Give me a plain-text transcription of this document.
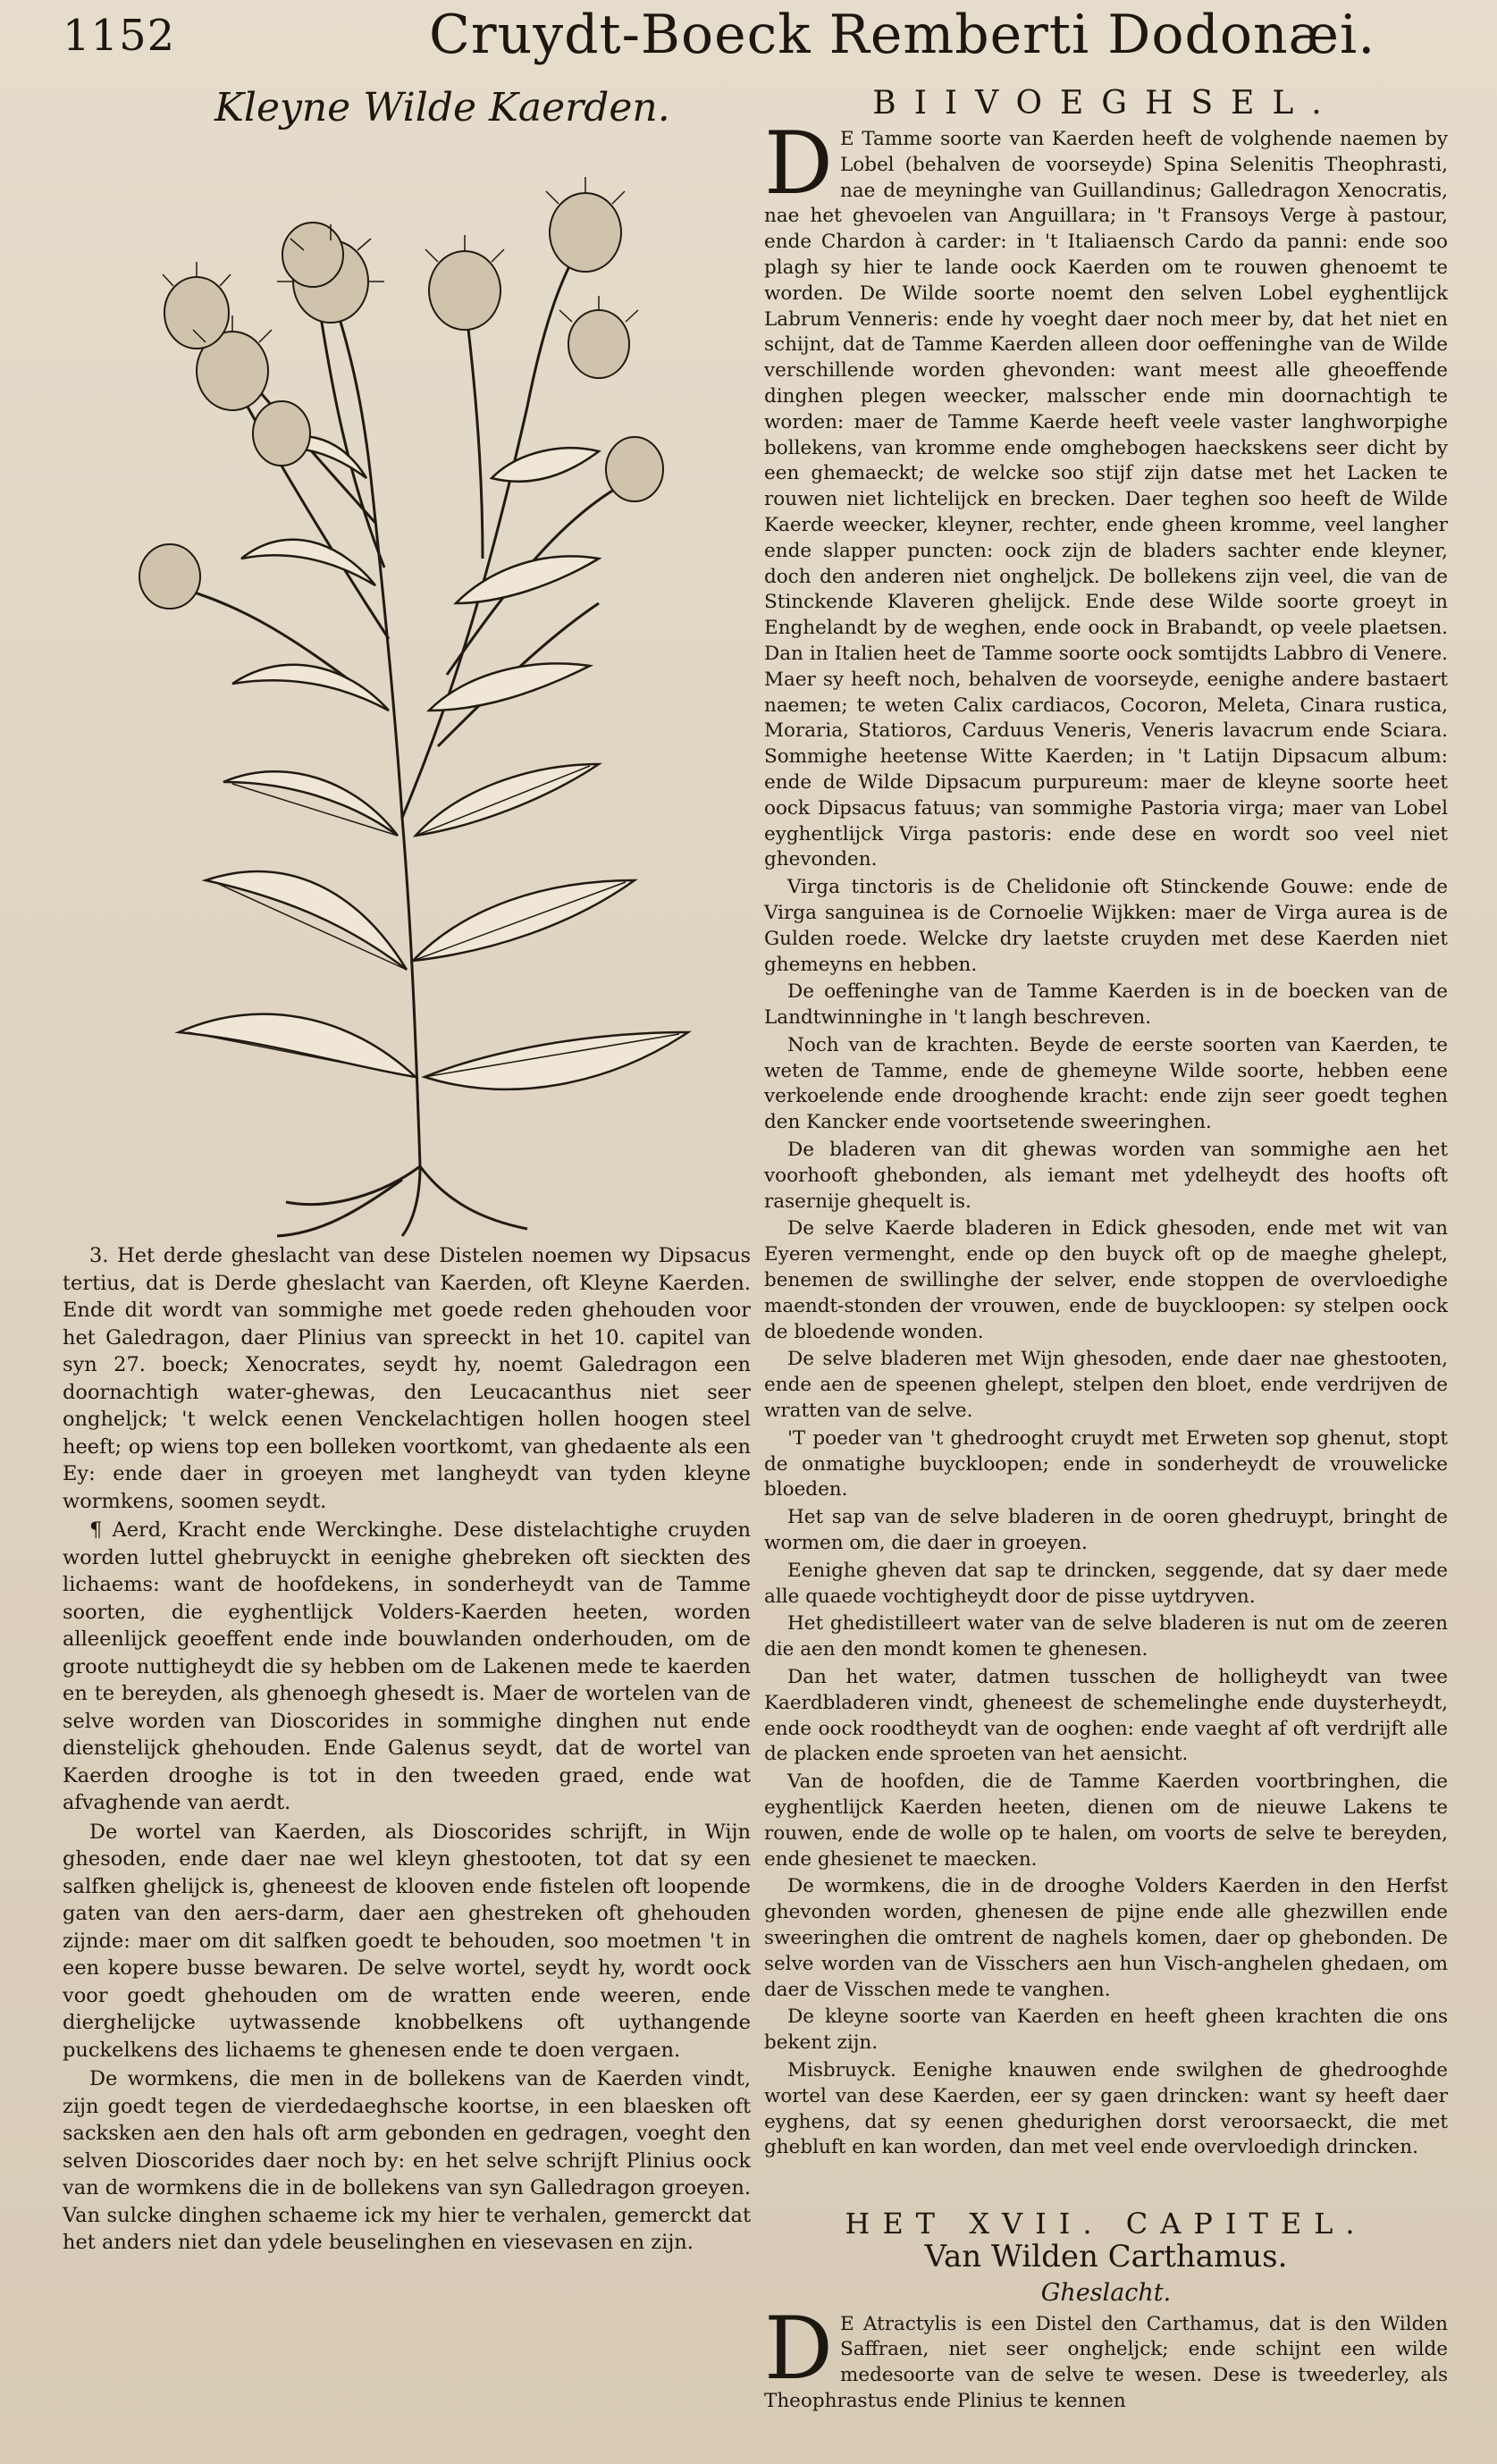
1152	Cruydt-Boeck Remberti Dodonæi.
Kleyne Wilde Kaerden.

3. Het derde gheslacht van dese Distelen noemen wy Dipsacus tertius, dat is Derde gheslacht van Kaerden, oft Kleyne Kaerden. Ende dit wordt van sommighe met goede reden ghehouden voor het Galedragon, daer Plinius van spreeckt in het 10. capitel van syn 27. boeck; Xenocrates, seydt hy, noemt Galedragon een doornachtigh water-ghewas, den Leucacanthus niet seer ongheljck; 't welck eenen Venckelachtigen hollen hoogen steel heeft; op wiens top een bolleken voortkomt, van ghedaente als een Ey: ende daer in groeyen met langheydt van tyden kleyne wormkens, soomen seydt.

¶ Aerd, Kracht ende Werckinghe. Dese distelachtighe cruyden worden luttel ghebruyckt in eenighe ghebreken oft sieckten des lichaems: want de hoofdekens, in sonderheydt van de Tamme soorten, die eyghentlijck Volders-Kaerden heeten, worden alleenlijck geoeffent ende inde bouwlanden onderhouden, om de groote nuttigheydt die sy hebben om de Lakenen mede te kaerden en te bereyden, als ghenoegh ghesedt is. Maer de wortelen van de selve worden van Dioscorides in sommighe dinghen nut ende dienstelijck ghehouden. Ende Galenus seydt, dat de wortel van Kaerden drooghe is tot in den tweeden graed, ende wat afvaghende van aerdt.

De wortel van Kaerden, als Dioscorides schrijft, in Wijn ghesoden, ende daer nae wel kleyn ghestooten, tot dat sy een salfken ghelijck is, gheneest de klooven ende fistelen oft loopende gaten van den aers-darm, daer aen ghestreken oft ghehouden zijnde: maer om dit salfken goedt te behouden, soo moetmen 't in een kopere busse bewaren. De selve wortel, seydt hy, wordt oock voor goedt ghehouden om de wratten ende weeren, ende dierghelijcke uytwassende knobbelkens oft uythangende puckelkens des lichaems te ghenesen ende te doen vergaen.

De wormkens, die men in de bollekens van de Kaerden vindt, zijn goedt tegen de vierdedaeghsche koortse, in een blaesken oft sacksken aen den hals oft arm gebonden en gedragen, voeght den selven Dioscorides daer noch by: en het selve schrijft Plinius oock van de wormkens die in de bollekens van syn Galledragon groeyen. Van sulcke dinghen schaeme ick my hier te verhalen, gemerckt dat het anders niet dan ydele beuselinghen en viesevasen en zijn.

BIIVOEGHSEL.

D E Tamme soorte van Kaerden heeft de volghende naemen by Lobel (behalven de voorseyde) Spina Selenitis Theophrasti, nae de meyninghe van Guillandinus; Galledragon Xenocratis, nae het ghevoelen van Anguillara; in 't Fransoys Verge à pastour, ende Chardon à carder: in 't Italiaensch Cardo da panni: ende soo plagh sy hier te lande oock Kaerden om te rouwen ghenoemt te worden. De Wilde soorte noemt den selven Lobel eyghentlijck Labrum Venneris: ende hy voeght daer noch meer by, dat het niet en schijnt, dat de Tamme Kaerden alleen door oeffeninghe van de Wilde verschillende worden ghevonden: want meest alle gheoeffende dinghen plegen weecker, malsscher ende min doornachtigh te worden: maer de Tamme Kaerde heeft veele vaster langhworpighe bollekens, van kromme ende omghebogen haeckskens seer dicht by een ghemaeckt; de welcke soo stijf zijn datse met het Lacken te rouwen niet lichtelijck en brecken. Daer teghen soo heeft de Wilde Kaerde weecker, kleyner, rechter, ende gheen kromme, veel langher ende slapper puncten: oock zijn de bladers sachter ende kleyner, doch den anderen niet ongheljck. De bollekens zijn veel, die van de Stinckende Klaveren ghelijck. Ende dese Wilde soorte groeyt in Enghelandt by de weghen, ende oock in Brabandt, op veele plaetsen. Dan in Italien heet de Tamme soorte oock somtijdts Labbro di Venere. Maer sy heeft noch, behalven de voorseyde, eenighe andere bastaert naemen; te weten Calix cardiacos, Cocoron, Meleta, Cinara rustica, Moraria, Statioros, Carduus Veneris, Veneris lavacrum ende Sciara. Sommighe heetense Witte Kaerden; in 't Latijn Dipsacum album: ende de Wilde Dipsacum purpureum: maer de kleyne soorte heet oock Dipsacus fatuus; van sommighe Pastoria virga; maer van Lobel eyghentlijck Virga pastoris: ende dese en wordt soo veel niet ghevonden.

Virga tinctoris is de Chelidonie oft Stinckende Gouwe: ende de Virga sanguinea is de Cornoelie Wijkken: maer de Virga aurea is de Gulden roede. Welcke dry laetste cruyden met dese Kaerden niet ghemeyns en hebben.

De oeffeninghe van de Tamme Kaerden is in de boecken van de Landtwinninghe in 't langh beschreven.

Noch van de krachten. Beyde de eerste soorten van Kaerden, te weten de Tamme, ende de ghemeyne Wilde soorte, hebben eene verkoelende ende drooghende kracht: ende zijn seer goedt teghen den Kancker ende voortsetende sweeringhen.

De bladeren van dit ghewas worden van sommighe aen het voorhooft ghebonden, als iemant met ydelheydt des hoofts oft rasernije ghequelt is.

De selve Kaerde bladeren in Edick ghesoden, ende met wit van Eyeren vermenght, ende op den buyck oft op de maeghe ghelept, benemen de swillinghe der selver, ende stoppen de overvloedighe maendt-stonden der vrouwen, ende de buyckloopen: sy stelpen oock de bloedende wonden.

De selve bladeren met Wijn ghesoden, ende daer nae ghestooten, ende aen de speenen ghelept, stelpen den bloet, ende verdrijven de wratten van de selve.

'T poeder van 't ghedrooght cruydt met Erweten sop ghenut, stopt de onmatighe buyckloopen; ende in sonderheydt de vrouwelicke bloeden.

Het sap van de selve bladeren in de ooren ghedruypt, bringht de wormen om, die daer in groeyen.

Eenighe gheven dat sap te drincken, seggende, dat sy daer mede alle quaede vochtigheydt door de pisse uytdryven.

Het ghedistilleert water van de selve bladeren is nut om de zeeren die aen den mondt komen te ghenesen.

Dan het water, datmen tusschen de holligheydt van twee Kaerdbladeren vindt, gheneest de schemelinghe ende duysterheydt, ende oock roodtheydt van de ooghen: ende vaeght af oft verdrijft alle de placken ende sproeten van het aensicht.

Van de hoofden, die de Tamme Kaerden voortbringhen, die eyghentlijck Kaerden heeten, dienen om de nieuwe Lakens te rouwen, ende de wolle op te halen, om voorts de selve te bereyden, ende ghesienet te maecken.

De wormkens, die in de drooghe Volders Kaerden in den Herfst ghevonden worden, ghenesen de pijne ende alle ghezwillen ende sweeringhen die omtrent de naghels komen, daer op ghebonden. De selve worden van de Visschers aen hun Visch-anghelen ghedaen, om daer de Visschen mede te vanghen.

De kleyne soorte van Kaerden en heeft gheen krachten die ons bekent zijn.

Misbruyck. Eenighe knauwen ende swilghen de ghedrooghde wortel van dese Kaerden, eer sy gaen drincken: want sy heeft daer eyghens, dat sy eenen ghedurighen dorst veroorsaeckt, die met ghebluft en kan worden, dan met veel ende overvloedigh drincken.

HET XVII. CAPITEL.
Van Wilden Carthamus.
Gheslacht.

D E Atractylis is een Distel den Carthamus, dat is den Wilden Saffraen, niet seer ongheljck; ende schijnt een wilde medesoorte van de selve te wesen. Dese is tweederley, als Theophrastus ende Plinius te kennen
